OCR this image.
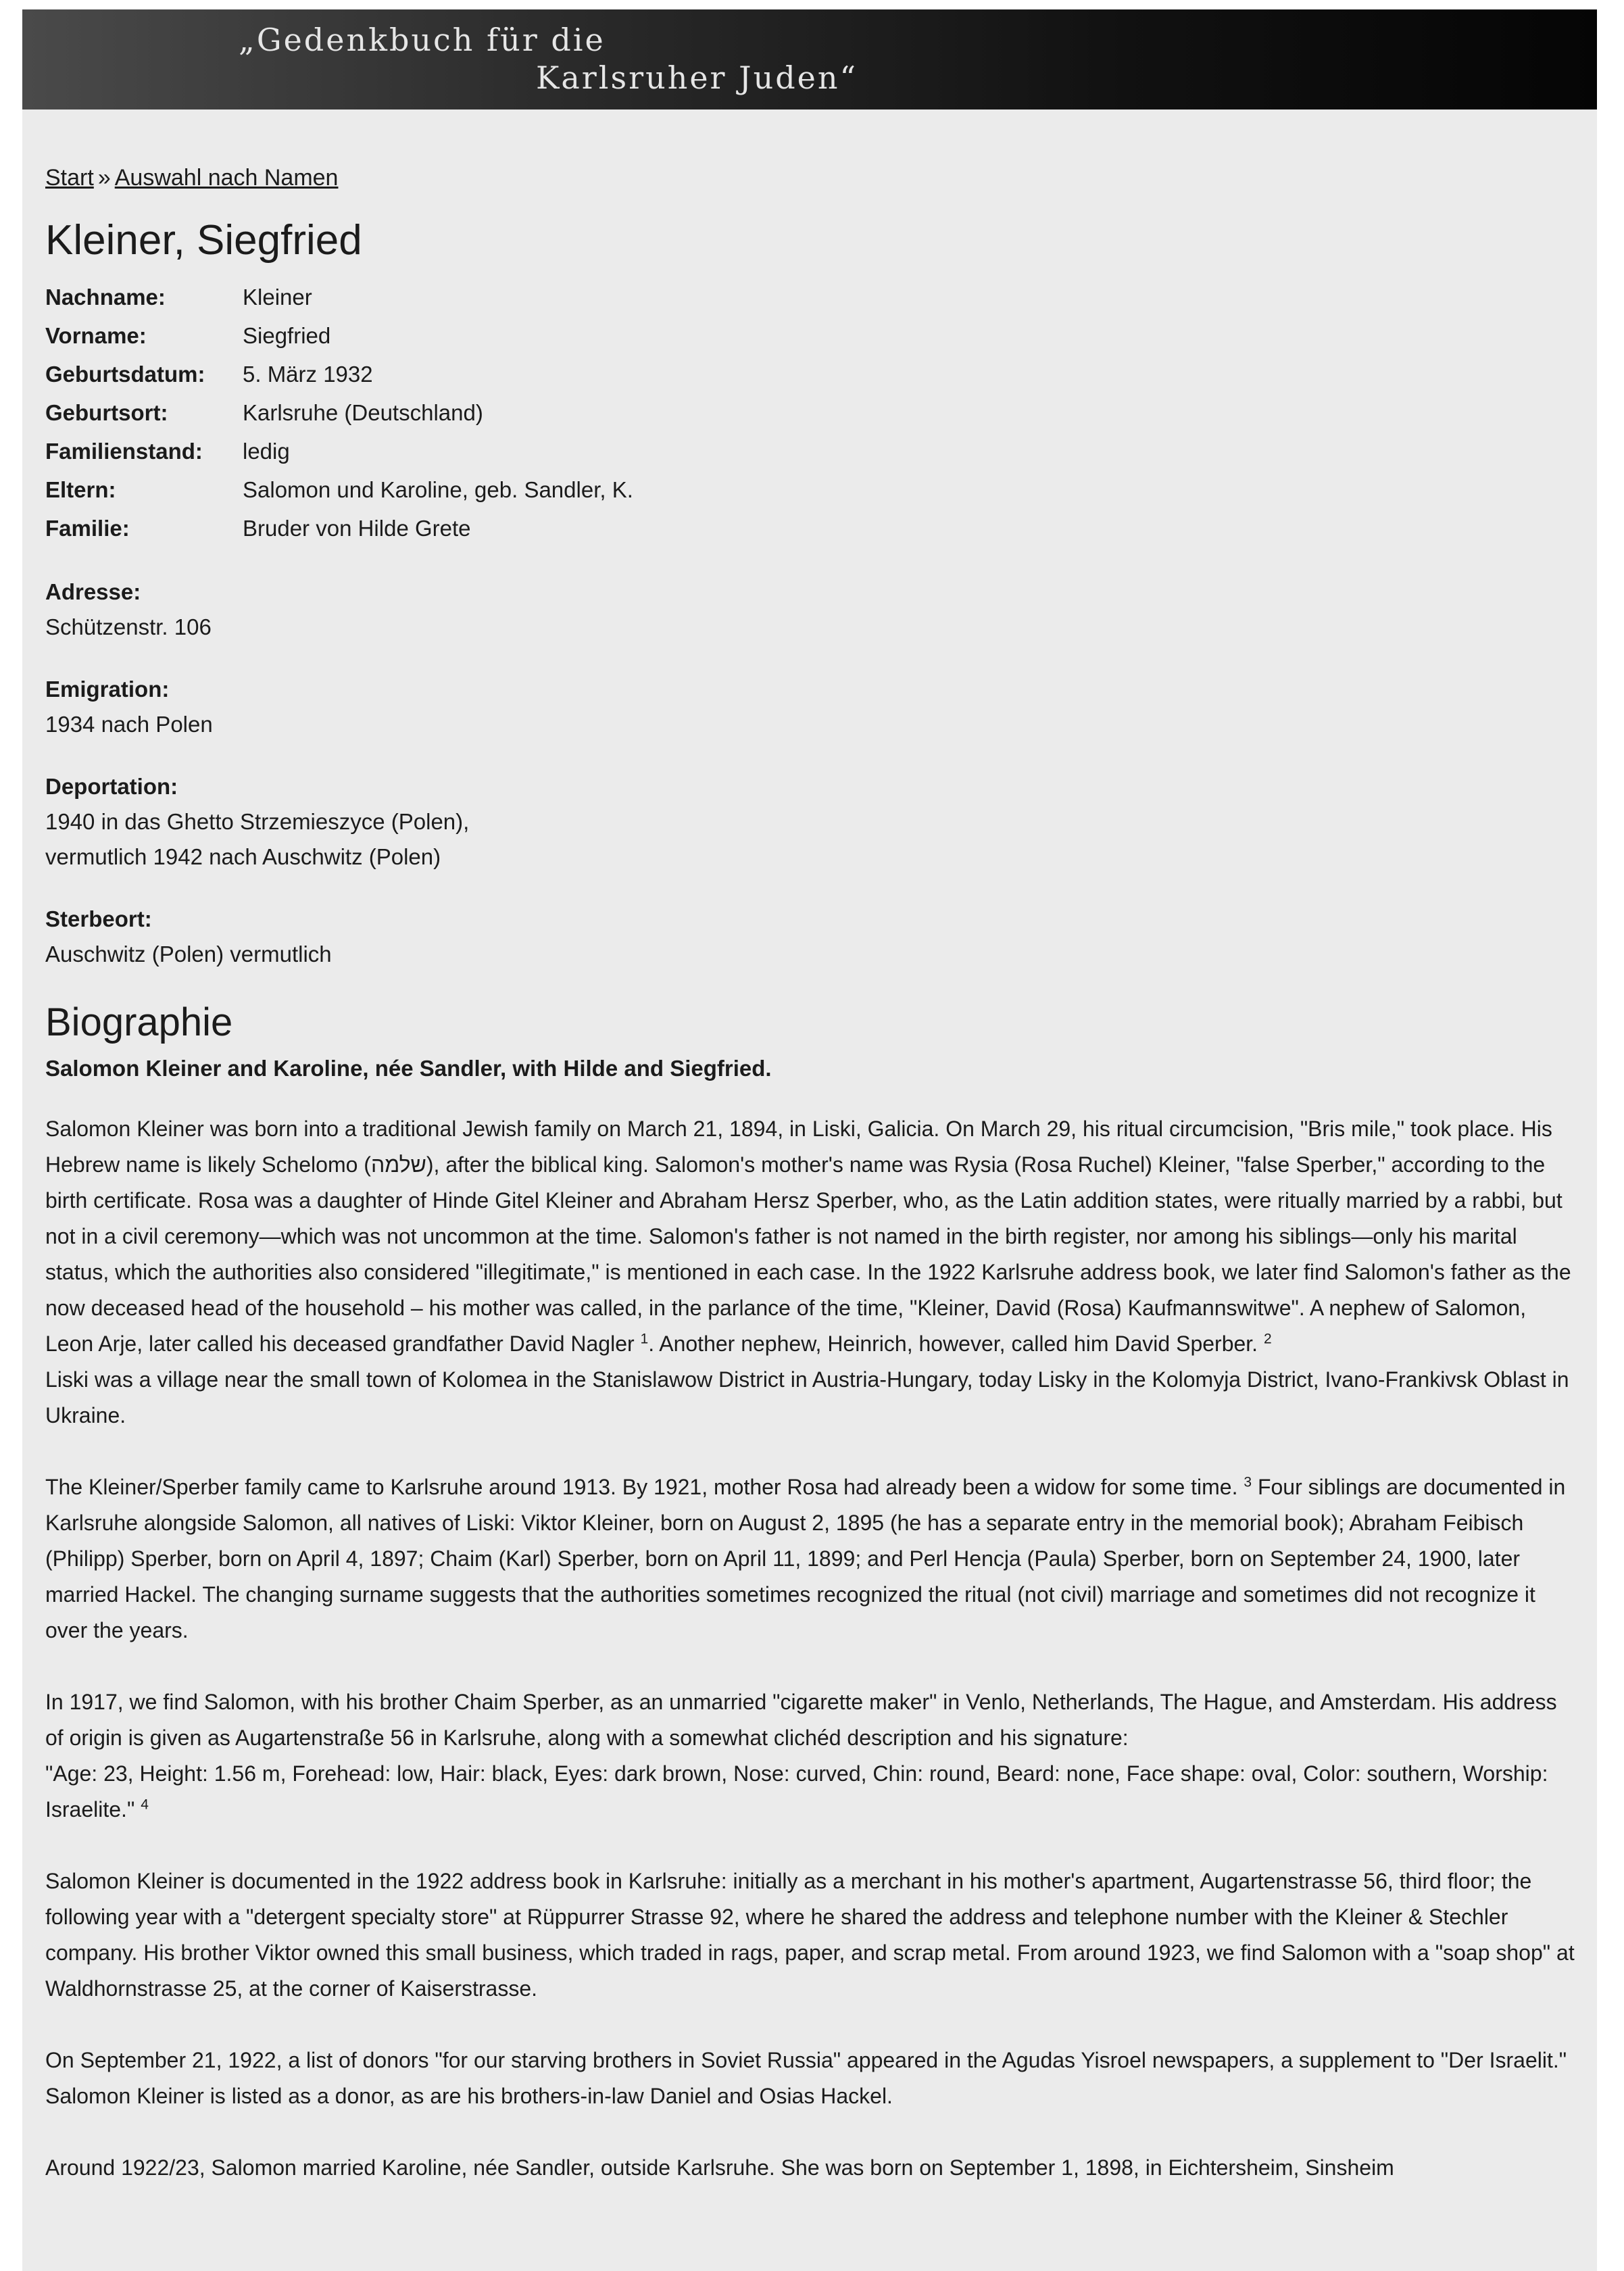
„Gedenkbuch für die
Karlsruher Juden“
Start » Auswahl nach Namen
Kleiner, Siegfried
Nachname:	Kleiner
Vorname:	Siegfried
Geburtsdatum:	5. März 1932
Geburtsort:	Karlsruhe (Deutschland)
Familienstand:	ledig
Eltern:	Salomon und Karoline, geb. Sandler, K.
Familie:	Bruder von Hilde Grete
Adresse:
Schützenstr. 106
Emigration:
1934 nach Polen
Deportation:
1940 in das Ghetto Strzemieszyce (Polen),
vermutlich 1942 nach Auschwitz (Polen)
Sterbeort:
Auschwitz (Polen) vermutlich
Biographie
Salomon Kleiner and Karoline, née Sandler, with Hilde and Siegfried.
Salomon Kleiner was born into a traditional Jewish family on March 21, 1894, in Liski, Galicia. On March 29, his ritual circumcision, "Bris mile," took place. His Hebrew name is likely Schelomo (שלמה), after the biblical king. Salomon's mother's name was Rysia (Rosa Ruchel) Kleiner, "false Sperber," according to the birth certificate. Rosa was a daughter of Hinde Gitel Kleiner and Abraham Hersz Sperber, who, as the Latin addition states, were ritually married by a rabbi, but not in a civil ceremony—which was not uncommon at the time. Salomon's father is not named in the birth register, nor among his siblings—only his marital status, which the authorities also considered "illegitimate," is mentioned in each case. In the 1922 Karlsruhe address book, we later find Salomon's father as the now deceased head of the household – his mother was called, in the parlance of the time, "Kleiner, David (Rosa) Kaufmannswitwe". A nephew of Salomon, Leon Arje, later called his deceased grandfather David Nagler $^1$. Another nephew, Heinrich, however, called him David Sperber. $^2$
Liski was a village near the small town of Kolomea in the Stanislawow District in Austria-Hungary, today Lisky in the Kolomyja District, Ivano-Frankivsk Oblast in Ukraine.
The Kleiner/Sperber family came to Karlsruhe around 1913. By 1921, mother Rosa had already been a widow for some time. $^3$ Four siblings are documented in Karlsruhe alongside Salomon, all natives of Liski: Viktor Kleiner, born on August 2, 1895 (he has a separate entry in the memorial book); Abraham Feibisch (Philipp) Sperber, born on April 4, 1897; Chaim (Karl) Sperber, born on April 11, 1899; and Perl Hencja (Paula) Sperber, born on September 24, 1900, later married Hackel. The changing surname suggests that the authorities sometimes recognized the ritual (not civil) marriage and sometimes did not recognize it over the years.
In 1917, we find Salomon, with his brother Chaim Sperber, as an unmarried "cigarette maker" in Venlo, Netherlands, The Hague, and Amsterdam. His address of origin is given as Augartenstraße 56 in Karlsruhe, along with a somewhat clichéd description and his signature:
"Age: 23, Height: 1.56 m, Forehead: low, Hair: black, Eyes: dark brown, Nose: curved, Chin: round, Beard: none, Face shape: oval, Color: southern, Worship: Israelite." $^4$
Salomon Kleiner is documented in the 1922 address book in Karlsruhe: initially as a merchant in his mother's apartment, Augartenstrasse 56, third floor; the following year with a "detergent specialty store" at Rüppurrer Strasse 92, where he shared the address and telephone number with the Kleiner & Stechler company. His brother Viktor owned this small business, which traded in rags, paper, and scrap metal. From around 1923, we find Salomon with a "soap shop" at Waldhornstrasse 25, at the corner of Kaiserstrasse.
On September 21, 1922, a list of donors "for our starving brothers in Soviet Russia" appeared in the Agudas Yisroel newspapers, a supplement to "Der Israelit." Salomon Kleiner is listed as a donor, as are his brothers-in-law Daniel and Osias Hackel.
Around 1922/23, Salomon married Karoline, née Sandler, outside Karlsruhe. She was born on September 1, 1898, in Eichtersheim, Sinsheim
